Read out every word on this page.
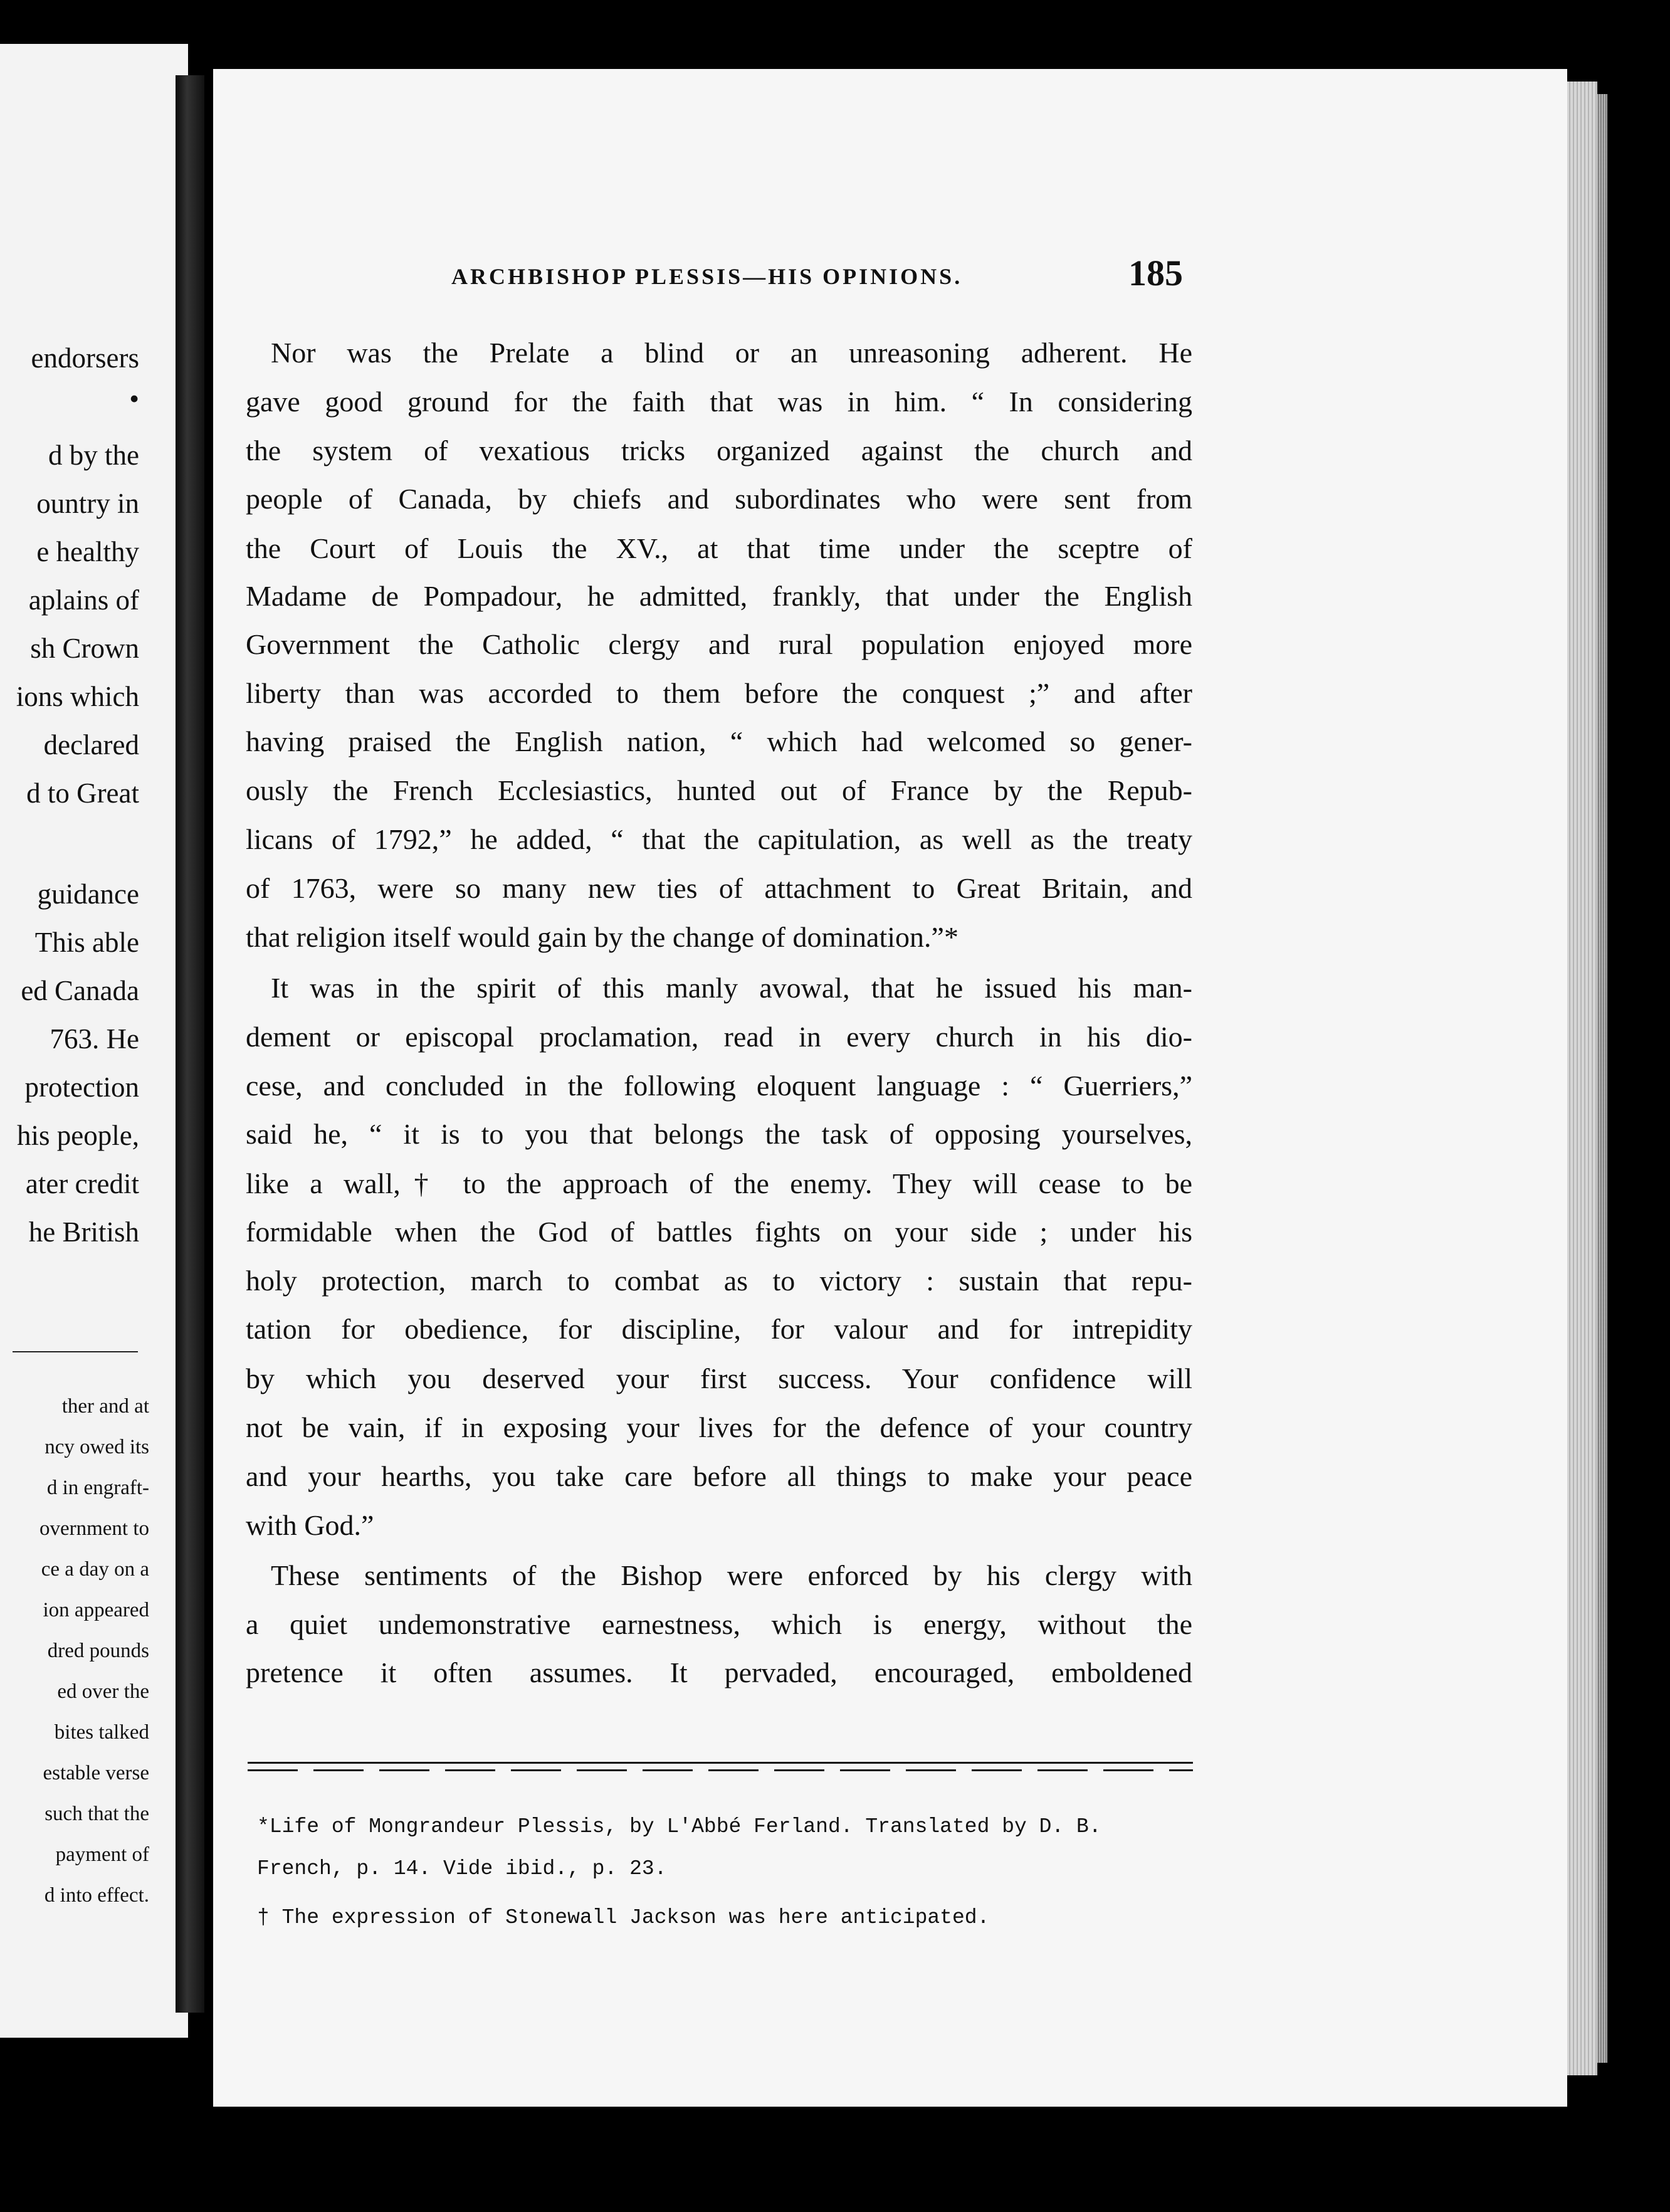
endorsers
•
d by the
ountry in
e healthy
aplains of
sh Crown
ions which
declared
d to Great
guidance
This able
ed Canada
763. He
protection
his people,
ater credit
he British
ther and at
ncy owed its
d in engraft-
overnment to
ce a day on a
ion appeared
dred pounds
ed over the
bites talked
estable verse
such that the
payment of
d into effect.
ARCHBISHOP PLESSIS—HIS OPINIONS.	185
Nor was the Prelate a blind or an unreasoning adherent. He
gave good ground for the faith that was in him. “ In considering
the system of vexatious tricks organized against the church and
people of Canada, by chiefs and subordinates who were sent from
the Court of Louis the XV., at that time under the sceptre of
Madame de Pompadour, he admitted, frankly, that under the English
Government the Catholic clergy and rural population enjoyed more
liberty than was accorded to them before the conquest ;” and after
having praised the English nation, “ which had welcomed so gener-
ously the French Ecclesiastics, hunted out of France by the Repub-
licans of 1792,” he added, “ that the capitulation, as well as the treaty
of 1763, were so many new ties of attachment to Great Britain, and
that religion itself would gain by the change of domination.”*
It was in the spirit of this manly avowal, that he issued his man-
dement or episcopal proclamation, read in every church in his dio-
cese, and concluded in the following eloquent language : “ Guerriers,”
said he, “ it is to you that belongs the task of opposing yourselves,
like a wall,† to the approach of the enemy. They will cease to be
formidable when the God of battles fights on your side ; under his
holy protection, march to combat as to victory : sustain that repu-
tation for obedience, for discipline, for valour and for intrepidity
by which you deserved your first success. Your confidence will
not be vain, if in exposing your lives for the defence of your country
and your hearths, you take care before all things to make your peace
with God.”
These sentiments of the Bishop were enforced by his clergy with
a quiet undemonstrative earnestness, which is energy, without the
pretence it often assumes. It pervaded, encouraged, emboldened
*Life of Mongrandeur Plessis, by L'Abbé Ferland. Translated by D. B.
French, p. 14. Vide ibid., p. 23.
† The expression of Stonewall Jackson was here anticipated.
